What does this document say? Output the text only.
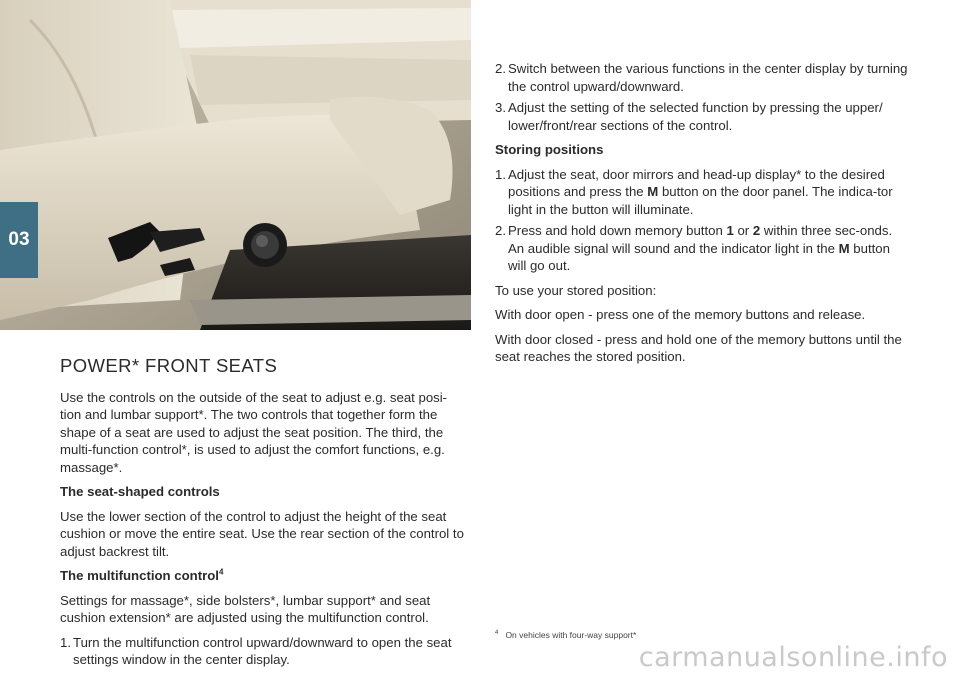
03
POWER* FRONT SEATS

Use the controls on the outside of the seat to adjust e.g. seat posi-tion and lumbar support*. The two controls that together form the shape of a seat are used to adjust the seat position. The third, the multi-function control*, is used to adjust the comfort functions, e.g. massage*.

The seat-shaped controls

Use the lower section of the control to adjust the height of the seat cushion or move the entire seat. Use the rear section of the control to adjust backrest tilt.

The multifunction control$^4$

Settings for massage*, side bolsters*, lumbar support* and seat cushion extension* are adjusted using the multifunction control.

1. Turn the multifunction control upward/downward to open the seat settings window in the center display.
2. Switch between the various functions in the center display by turning the control upward/downward.
3. Adjust the setting of the selected function by pressing the upper/ lower/front/rear sections of the control.
Storing positions
1. Adjust the seat, door mirrors and head-up display* to the desired positions and press the M button on the door panel. The indica-tor light in the button will illuminate.
2. Press and hold down memory button 1 or 2 within three sec-onds. An audible signal will sound and the indicator light in the M button will go out.

To use your stored position:

With door open - press one of the memory buttons and release.

With door closed - press and hold one of the memory buttons until the seat reaches the stored position.

$^4$ On vehicles with four-way support*
carmanualsonline.info
